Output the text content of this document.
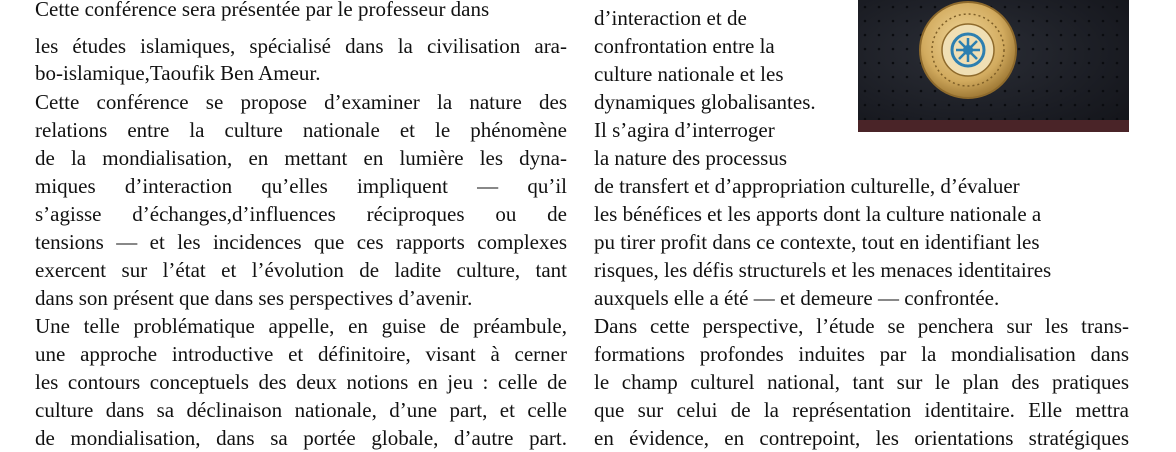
Cette conférence sera présentée par le professeur dans

les études islamiques, spécialisé dans la civilisation ara-

bo-islamique,Taoufik Ben Ameur.

Cette conférence se propose d’examiner la nature des

relations entre la culture nationale et le phénomène

de la mondialisation, en mettant en lumière les dyna-

miques d’interaction qu’elles impliquent — qu’il

s’agisse d’échanges,d’influences réciproques ou de

tensions — et les incidences que ces rapports complexes

exercent sur l’état et l’évolution de ladite culture, tant

dans son présent que dans ses perspectives d’avenir.

Une telle problématique appelle, en guise de préambule,

une approche introductive et définitoire, visant à cerner

les contours conceptuels des deux notions en jeu : celle de

culture dans sa déclinaison nationale, d’une part, et celle

de mondialisation, dans sa portée globale, d’autre part.

d’interaction et de

confrontation entre la

culture nationale et les

dynamiques globalisantes.

Il s’agira d’interroger

la nature des processus

de transfert et d’appropriation culturelle, d’évaluer

les bénéfices et les apports dont la culture nationale a

pu tirer profit dans ce contexte, tout en identifiant les

risques, les défis structurels et les menaces identitaires

auxquels elle a été — et demeure — confrontée.

Dans cette perspective, l’étude se penchera sur les trans-

formations profondes induites par la mondialisation dans

le champ culturel national, tant sur le plan des pratiques

que sur celui de la représentation identitaire. Elle mettra

en évidence, en contrepoint, les orientations stratégiques
